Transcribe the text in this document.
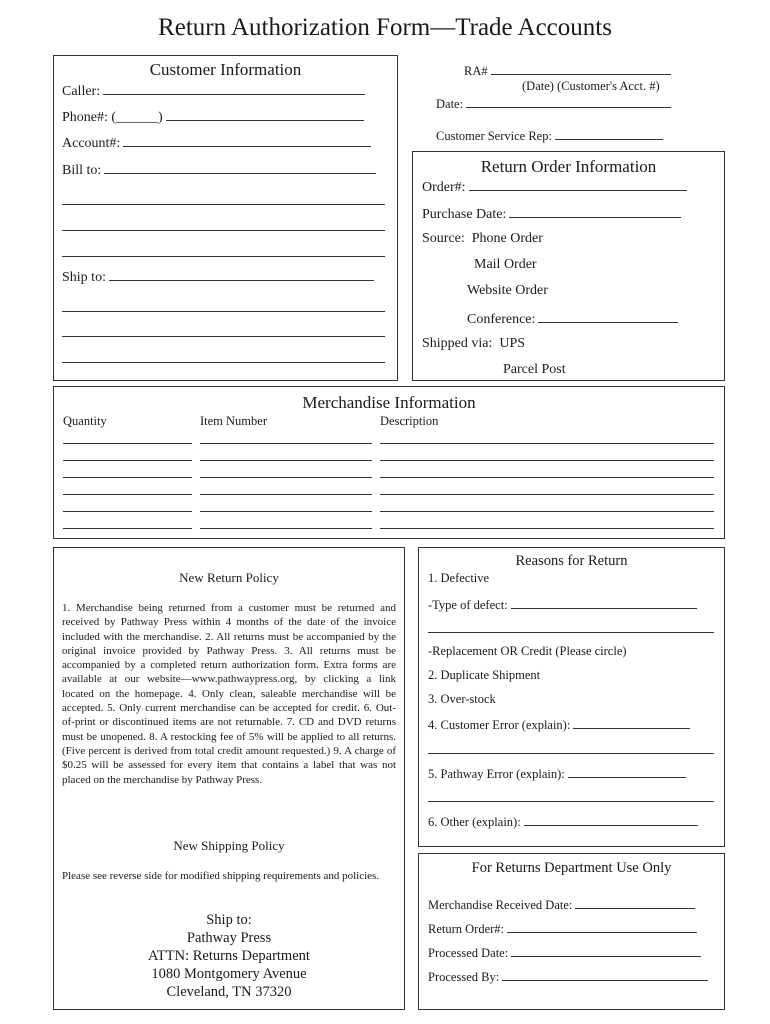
Return Authorization Form—Trade Accounts
Customer Information
Caller:
Phone#: (______)
Account#:
Bill to:
Ship to:
RA#
(Date) (Customer's Acct. #)
Date:
Customer Service Rep:
Return Order Information
Order#:
Purchase Date:
Source: Phone Order
Mail Order
Website Order
Conference:
Shipped via: UPS
Parcel Post
Merchandise Information
Quantity	Item Number	Description
New Return Policy
1. Merchandise being returned from a customer must be returned and received by Pathway Press within 4 months of the date of the invoice included with the merchandise. 2. All returns must be accompanied by the original invoice provided by Pathway Press. 3. All returns must be accompanied by a completed return authorization form. Extra forms are available at our website—www.pathwaypress.org, by clicking a link located on the homepage. 4. Only clean, saleable merchandise will be accepted. 5. Only current merchandise can be accepted for credit. 6. Out-of-print or discontinued items are not returnable. 7. CD and DVD returns must be unopened. 8. A restocking fee of 5% will be applied to all returns. (Five percent is derived from total credit amount requested.) 9. A charge of $0.25 will be assessed for every item that contains a label that was not placed on the merchandise by Pathway Press.
New Shipping Policy
Please see reverse side for modified shipping requirements and policies.
Ship to:
Pathway Press
ATTN: Returns Department
1080 Montgomery Avenue
Cleveland, TN 37320
Reasons for Return
1. Defective
-Type of defect:
-Replacement OR Credit (Please circle)
2. Duplicate Shipment
3. Over-stock
4. Customer Error (explain):
5. Pathway Error (explain):
6. Other (explain):
For Returns Department Use Only
Merchandise Received Date:
Return Order#:
Processed Date:
Processed By:
